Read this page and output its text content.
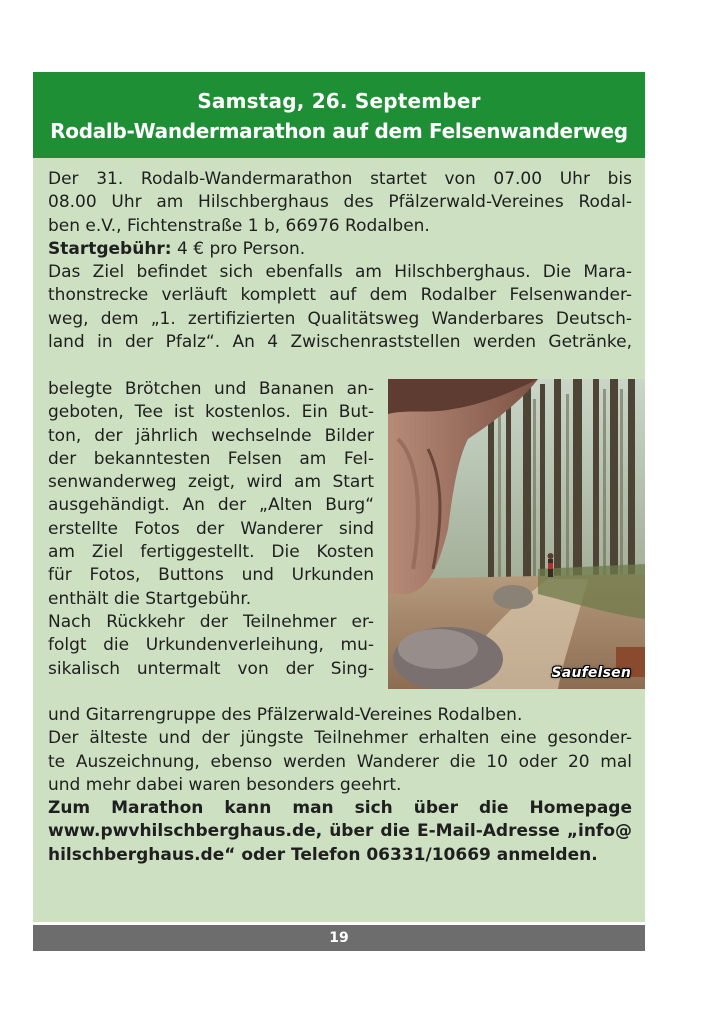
Samstag, 26. September
Rodalb-Wandermarathon auf dem Felsenwanderweg
Der 31. Rodalb-Wandermarathon startet von 07.00 Uhr bis
08.00 Uhr am Hilschberghaus des Pfälzerwald-Vereines Rodal-
ben e.V., Fichtenstraße 1 b, 66976 Rodalben.
Startgebühr: 4 € pro Person.
Das Ziel befindet sich ebenfalls am Hilschberghaus. Die Mara-
thonstrecke verläuft komplett auf dem Rodalber Felsenwander-
weg, dem „1. zertifizierten Qualitätsweg Wanderbares Deutsch-
land in der Pfalz“. An 4 Zwischenraststellen werden Getränke,
belegte Brötchen und Bananen an-
geboten, Tee ist kostenlos. Ein But-
ton, der jährlich wechselnde Bilder
der bekanntesten Felsen am Fel-
senwanderweg zeigt, wird am Start
ausgehändigt. An der „Alten Burg“
erstellte Fotos der Wanderer sind
am Ziel fertiggestellt. Die Kosten
für Fotos, Buttons und Urkunden
enthält die Startgebühr.
Nach Rückkehr der Teilnehmer er-
folgt die Urkundenverleihung, mu-
sikalisch untermalt von der Sing-	Saufelsen
und Gitarrengruppe des Pfälzerwald-Vereines Rodalben.
Der älteste und der jüngste Teilnehmer erhalten eine gesonder-
te Auszeichnung, ebenso werden Wanderer die 10 oder 20 mal
und mehr dabei waren besonders geehrt.
Zum Marathon kann man sich über die Homepage
www.pwvhilschberghaus.de, über die E-Mail-Adresse „info@
hilschberghaus.de“ oder Telefon 06331/10669 anmelden.
19
